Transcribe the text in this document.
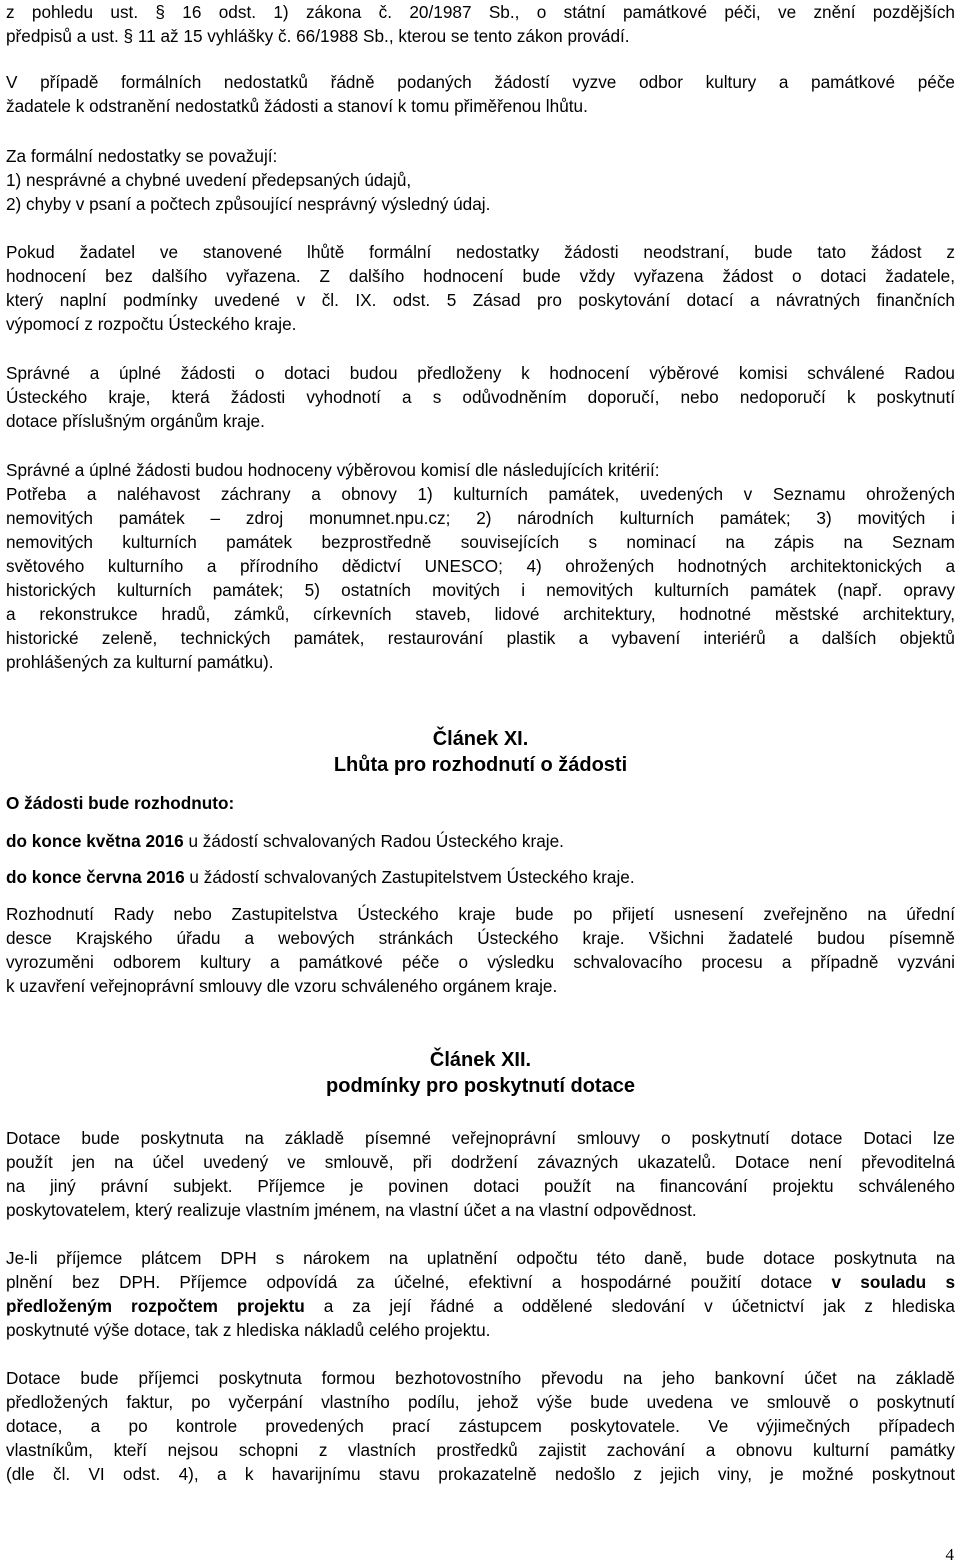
z pohledu ust. § 16 odst. 1) zákona č. 20/1987 Sb., o státní památkové péči, ve znění pozdějších
předpisů a ust. § 11 až 15 vyhlášky č. 66/1988 Sb., kterou se tento zákon provádí.
V případě formálních nedostatků řádně podaných žádostí vyzve odbor kultury a památkové péče
žadatele k odstranění nedostatků žádosti a stanoví k tomu přiměřenou lhůtu.
Za formální nedostatky se považují:
1) nesprávné a chybné uvedení předepsaných údajů,
2) chyby v psaní a počtech způsoující nesprávný výsledný údaj.
Pokud žadatel ve stanovené lhůtě formální nedostatky žádosti neodstraní, bude tato žádost z
hodnocení bez dalšího vyřazena. Z dalšího hodnocení bude vždy vyřazena žádost o dotaci žadatele,
který naplní podmínky uvedené v čl. IX. odst. 5 Zásad pro poskytování dotací a návratných finančních
výpomocí z rozpočtu Ústeckého kraje.
Správné a úplné žádosti o dotaci budou předloženy k hodnocení výběrové komisi schválené Radou
Ústeckého kraje, která žádosti vyhodnotí a s odůvodněním doporučí, nebo nedoporučí k poskytnutí
dotace příslušným orgánům kraje.
Správné a úplné žádosti budou hodnoceny výběrovou komisí dle následujících kritérií:
Potřeba a naléhavost záchrany a obnovy 1) kulturních památek, uvedených v Seznamu ohrožených
nemovitých památek – zdroj monumnet.npu.cz; 2) národních kulturních památek; 3) movitých i
nemovitých kulturních památek bezprostředně souvisejících s nominací na zápis na Seznam
světového kulturního a přírodního dědictví UNESCO; 4) ohrožených hodnotných architektonických a
historických kulturních památek; 5) ostatních movitých i nemovitých kulturních památek (např. opravy
a rekonstrukce hradů, zámků, církevních staveb, lidové architektury, hodnotné městské architektury,
historické zeleně, technických památek, restaurování plastik a vybavení interiérů a dalších objektů
prohlášených za kulturní památku).
Článek XI.
Lhůta pro rozhodnutí o žádosti
O žádosti bude rozhodnuto:
do konce května 2016 u žádostí schvalovaných Radou Ústeckého kraje.
do konce června 2016 u žádostí schvalovaných Zastupitelstvem Ústeckého kraje.
Rozhodnutí Rady nebo Zastupitelstva Ústeckého kraje bude po přijetí usnesení zveřejněno na úřední
desce Krajského úřadu a webových stránkách Ústeckého kraje. Všichni žadatelé budou písemně
vyrozuměni odborem kultury a památkové péče o výsledku schvalovacího procesu a případně vyzváni
k uzavření veřejnoprávní smlouvy dle vzoru schváleného orgánem kraje.
Článek XII.
podmínky pro poskytnutí dotace
Dotace bude poskytnuta na základě písemné veřejnoprávní smlouvy o poskytnutí dotace Dotaci lze
použít jen na účel uvedený ve smlouvě, při dodržení závazných ukazatelů. Dotace není převoditelná
na jiný právní subjekt. Příjemce je povinen dotaci použít na financování projektu schváleného
poskytovatelem, který realizuje vlastním jménem, na vlastní účet a na vlastní odpovědnost.
Je-li příjemce plátcem DPH s nárokem na uplatnění odpočtu této daně, bude dotace poskytnuta na
plnění bez DPH. Příjemce odpovídá za účelné, efektivní a hospodárné použití dotace v souladu s
předloženým rozpočtem projektu a za její řádné a oddělené sledování v účetnictví jak z hlediska
poskytnuté výše dotace, tak z hlediska nákladů celého projektu.
Dotace bude příjemci poskytnuta formou bezhotovostního převodu na jeho bankovní účet na základě
předložených faktur, po vyčerpání vlastního podílu, jehož výše bude uvedena ve smlouvě o poskytnutí
dotace, a po kontrole provedených prací zástupcem poskytovatele. Ve výjimečných případech
vlastníkům, kteří nejsou schopni z vlastních prostředků zajistit zachování a obnovu kulturní památky
(dle čl. VI odst. 4), a k havarijnímu stavu prokazatelně nedošlo z jejich viny, je možné poskytnout
4
